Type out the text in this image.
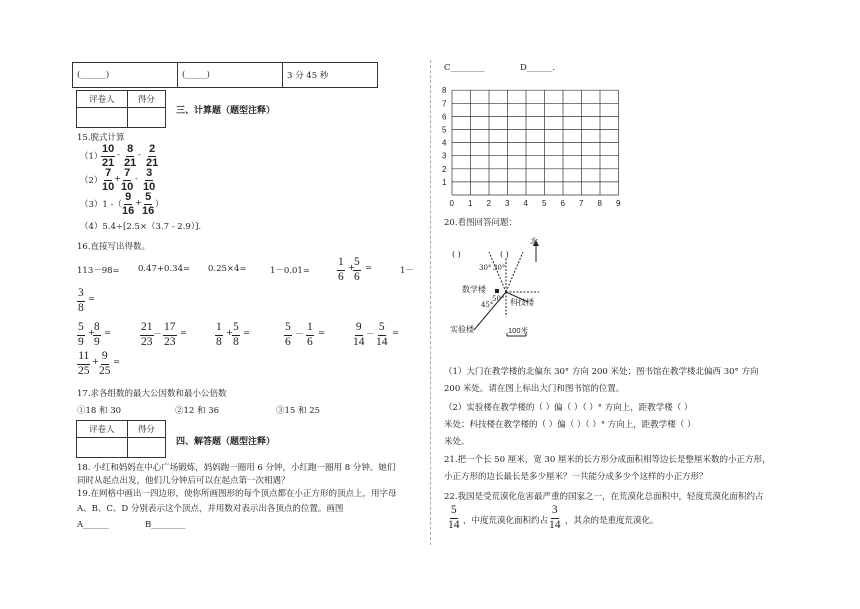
(______)	(_____)	3 分 45 秒
评卷人	得分

三、计算题（题型注释）
15.脱式计算
（1）
$\frac{10}{21} - \frac{8}{21} - \frac{2}{21}$
（2）
$\frac{7}{10}$
+
$\frac{7}{10} - \frac{3}{10}$
（3）1 -（ $\frac{9}{16}$ +
$\frac{5}{16}$ ）
（4）5.4÷[2.5×（3.7 - 2.9）].
16.直接写出得数。
113－98= 0.47+0.34= 0.25×4=	$1-0.01= \frac{1}{6}$ +
$\frac{5}{6}$ =	1－
$\frac{3}{8}$ =
$\frac{5}{9}$ +
$\frac{8}{9}$ =	$\frac{21}{23} - \frac{17}{23} = \frac{1}{8}$ +
$\frac{5}{8}$ =	$\frac{5}{6} - \frac{1}{6} = \frac{9}{14} - \frac{5}{14}$ =
$\frac{11}{25}$ +
$\frac{9}{25}$ =
17.求各组数的最大公因数和最小公倍数
①18 和 30	②12 和 36	③15 和 25
评卷人	得分

四、解答题（题型注释）
18. 小红和妈妈在中心广场锻炼，妈妈跑一圈用 6 分钟，小红跑一圈用 8 分钟。她们
同时从起点出发，他们几分钟后可以在起点第一次相遇？
19.在网格中画出一四边形，使你所画图形的每个顶点都在小正方形的顶点上，用字母
A、B、C、D 分别表示这个顶点，并用数对表示出各顶点的位置。画图
A______	B________
C________	D______.
0 1 2 3 4 5 6 7 8 9
1
2
3
4
5
6
7
8
20.看图回答问题：
北
( )	( )
30° 30°
数学楼
科技楼
50°
45°
实验楼	100米
（1）大门在教学楼的北偏东 30° 方向 200 米处；图书馆在教学楼北偏西 30° 方向
200 米处。请在图上标出大门和图书馆的位置。
（2）实验楼在教学楼的（ ）偏（ ）（ ）° 方向上，距教学楼（ ）
米处；科技楼在教学楼的（ ）偏（ ）（ ）° 方向上，距教学楼（ ）
米处。
21.把一个长 50 厘米，宽 30 厘米的长方形分成面积相等边长是整厘米数的小正方形，
小正方形的边长最长是多少厘米？一共能分成多少个这样的小正方形？
22.我国是受荒漠化危害最严重的国家之一，在荒漠化总面积中，轻度荒漠化面积约占
$\frac{5}{14}$ ，中度荒漠化面积约占 $\frac{3}{14}$ ，其余的是重度荒漠化。
